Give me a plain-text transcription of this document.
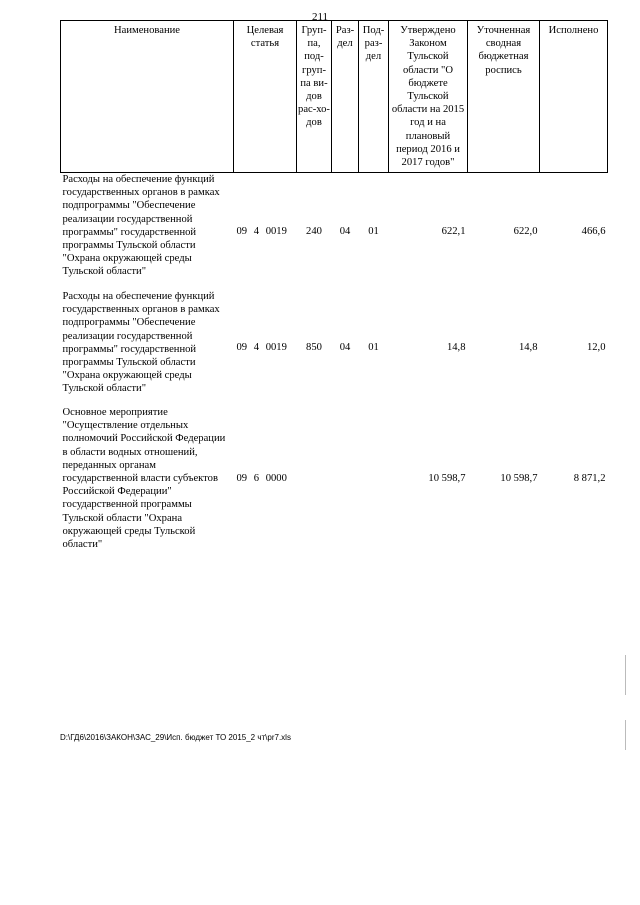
211
Наименование	Целевая статья	Груп-па, под-груп-па ви-дов рас-хо-дов	Раз-дел	Под-раз-дел	Утверждено Законом Тульской области "О бюджете Тульской области на 2015 год и на плановый период 2016 и 2017 годов"	Уточненная сводная бюджетная роспись	Исполнено
Расходы на обеспечение функций государственных органов в рамках подпрограммы "Обеспечение реализации государственной программы" государственной программы Тульской области "Охрана окружающей среды Тульской области"	09 4 0019	240	04	01	622,1	622,0	466,6
Расходы на обеспечение функций государственных органов в рамках подпрограммы "Обеспечение реализации государственной программы" государственной программы Тульской области "Охрана окружающей среды Тульской области"	09 4 0019	850	04	01	14,8	14,8	12,0
Основное мероприятие "Осуществление отдельных полномочий Российской Федерации в области водных отношений, переданных органам государственной власти субъектов Российской Федерации" государственной программы Тульской области "Охрана окружающей среды Тульской области"	09 6 0000				10 598,7	10 598,7	8 871,2
D:\ГД6\2016\ЗАКОН\ЗАС_29\Исп. бюджет ТО 2015_2 чт\pr7.xls
